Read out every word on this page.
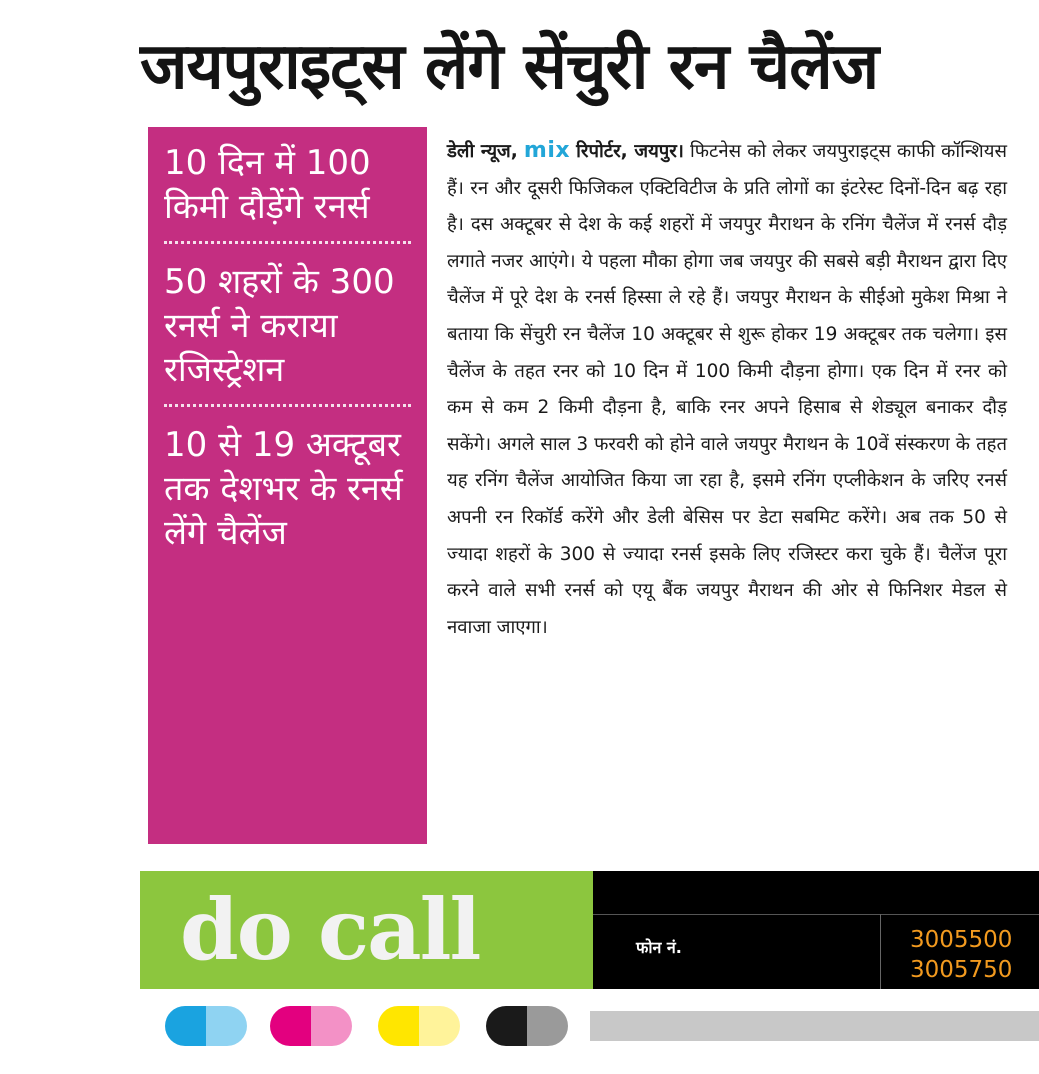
जयपुराइट्स लेंगे सेंचुरी रन चैलेंज
10 दिन में 100 किमी दौड़ेंगे रनर्स
50 शहरों के 300 रनर्स ने कराया रजिस्ट्रेशन
10 से 19 अक्टूबर तक देशभर के रनर्स लेंगे चैलेंज
डेली न्यूज, mix रिपोर्टर, जयपुर। फिटनेस को लेकर जयपुराइट्स काफी कॉन्शियस हैं। रन और दूसरी फिजिकल एक्टिविटीज के प्रति लोगों का इंटरेस्ट दिनों-दिन बढ़ रहा है। दस अक्टूबर से देश के कई शहरों में जयपुर मैराथन के रनिंग चैलेंज में रनर्स दौड़ लगाते नजर आएंगे। ये पहला मौका होगा जब जयपुर की सबसे बड़ी मैराथन द्वारा दिए चैलेंज में पूरे देश के रनर्स हिस्सा ले रहे हैं। जयपुर मैराथन के सीईओ मुकेश मिश्रा ने बताया कि सेंचुरी रन चैलेंज 10 अक्टूबर से शुरू होकर 19 अक्टूबर तक चलेगा। इस चैलेंज के तहत रनर को 10 दिन में 100 किमी दौड़ना होगा। एक दिन में रनर को कम से कम 2 किमी दौड़ना है, बाकि रनर अपने हिसाब से शेड्यूल बनाकर दौड़ सकेंगे। अगले साल 3 फरवरी को होने वाले जयपुर मैराथन के 10वें संस्करण के तहत यह रनिंग चैलेंज आयोजित किया जा रहा है, इसमे रनिंग एप्लीकेशन के जरिए रनर्स अपनी रन रिकॉर्ड करेंगे और डेली बेसिस पर डेटा सबमिट करेंगे। अब तक 50 से ज्यादा शहरों के 300 से ज्यादा रनर्स इसके लिए रजिस्टर करा चुके हैं। चैलेंज पूरा करने वाले सभी रनर्स को एयू बैंक जयपुर मैराथन की ओर से फिनिशर मेडल से नवाजा जाएगा।
do call	फोन नं.	3005500
3005750
